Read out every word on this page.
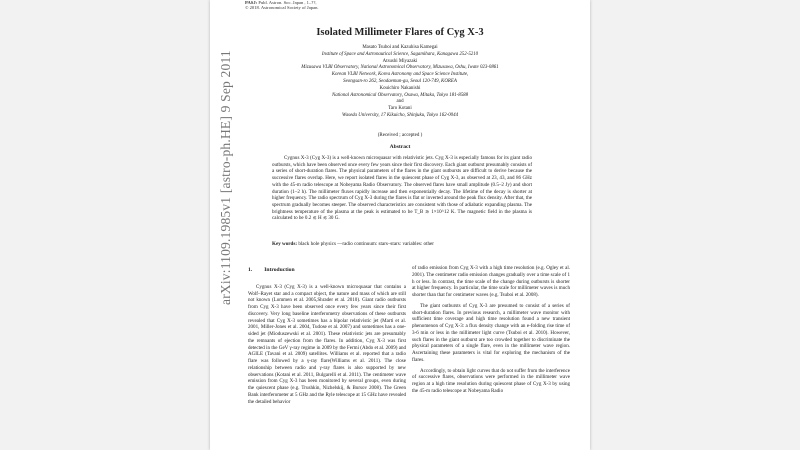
PASJ: Publ. Astron. Soc. Japan , 1–??,
© 2018. Astronomical Society of Japan.
arXiv:1109.1985v1 [astro-ph.HE] 9 Sep 2011
Isolated Millimeter Flares of Cyg X-3
Masato Tsuboi and Kazuhisa Kamegai
Institute of Space and Astronautical Science, Sagamihara, Kanagawa 252-5210
Atsushi Miyazaki
Mizusawa VLBI Observatory, National Astronomical Observatory, Mizusawa, Oshu, Iwate 023-0861
Korean VLBI Network, Korea Astronomy and Space Science Institute,
Seongsan-ro 262, Seodaemun-gu, Seoul 120-749, KOREA
Kouichiro Nakanishi
National Astronomical Observatory, Osawa, Mitaka, Tokyo 181-8588
and
Taro Kotani
Waseda University, 17 Kikuicho, Shinjuku, Tokyo 162-0044
(Received ; accepted )
Abstract

Cygnus X-3 (Cyg X-3) is a well-known microquasar with relativistic jets. Cyg X-3 is especially famous for its giant radio outbursts, which have been observed once every few years since their first discovery. Each giant outburst presumably consists of a series of short-duration flares. The physical parameters of the flares in the giant outbursts are difficult to derive because the successive flares overlap. Here, we report isolated flares in the quiescent phase of Cyg X-3, as observed at 23, 43, and 86 GHz with the 45-m radio telescope at Nobeyama Radio Observatory. The observed flares have small amplitude (0.5–2 Jy) and short duration (1–2 h). The millimeter fluxes rapidly increase and then exponentially decay. The lifetime of the decay is shorter at higher frequency. The radio spectrum of Cyg X-3 during the flares is flat or inverted around the peak flux density. After that, the spectrum gradually becomes steeper. The observed characteristics are consistent with those of adiabatic expanding plasma. The brightness temperature of the plasma at the peak is estimated to be T_B ≳ 1×10^12 K. The magnetic field in the plasma is calculated to be 0.2 ≲ H ≲ 30 G.

Key words: black hole physics —radio continuum: stars–stars: variables: other
1. Introduction

Cygnus X-3 (Cyg X-3) is a well-known microquasar that contains a Wolf–Rayet star and a compact object, the nature and mass of which are still not known (Lommen et al. 2005,Shrader et al. 2010). Giant radio outbursts from Cyg X-3 have been observed once every few years since their first discovery. Very long baseline interferometry observations of these outbursts revealed that Cyg X-3 sometimes has a bipolar relativistic jet (Marti et al. 2001, Miller-Jones et al. 2004, Tudose et al. 2007) and sometimes has a one-sided jet (Mioduszewski et al. 2001). These relativistic jets are presumably the remnants of ejection from the flares. In addition, Cyg X-3 was first detected in the GeV γ-ray regime in 2009 by the Fermi (Abdo et al. 2009) and AGILE (Tavani et al. 2009) satellites. Williams et al. reported that a radio flare was followed by a γ-ray flare(Williams et al. 2011). The close relationship between radio and γ-ray flares is also supported by new observations (Kotani et al. 2011, Bulgarelli et al. 2011). The centimeter wave emission from Cyg X-3 has been monitored by several groups, even during the quiescent phase (e.g. Trushkin, Nizhelskij, & Bursov 2008). The Green Bank interferometer at 5 GHz and the Ryle telescope at 15 GHz have revealed the detailed behavior

of radio emission from Cyg X-3 with a high time resolution (e.g. Ogley et al. 2001). The centimeter radio emission changes gradually over a time scale of 1 h or less. In contrast, the time scale of the change during outbursts is shorter at higher frequency. In particular, the time scale for millimeter waves is much shorter than that for centimeter waves (e.g. Tsuboi et al. 2008).

The giant outbursts of Cyg X-3 are presumed to consist of a series of short-duration flares. In previous research, a millimeter wave monitor with sufficient time coverage and high time resolution found a new transient phenomenon of Cyg X-3: a flux density change with an e-folding rise time of 3-6 min or less in the millimeter light curve (Tsuboi et al. 2010). However, such flares in the giant outburst are too crowded together to discriminate the physical parameters of a single flare, even in the millimeter wave region. Ascertaining these parameters is vital for exploring the mechanism of the flares.

Accordingly, to obtain light curves that do not suffer from the interference of successive flares, observations were performed in the millimeter wave region at a high time resolution during quiescent phase of Cyg X-3 by using the 45-m radio telescope at Nobeyama Radio
